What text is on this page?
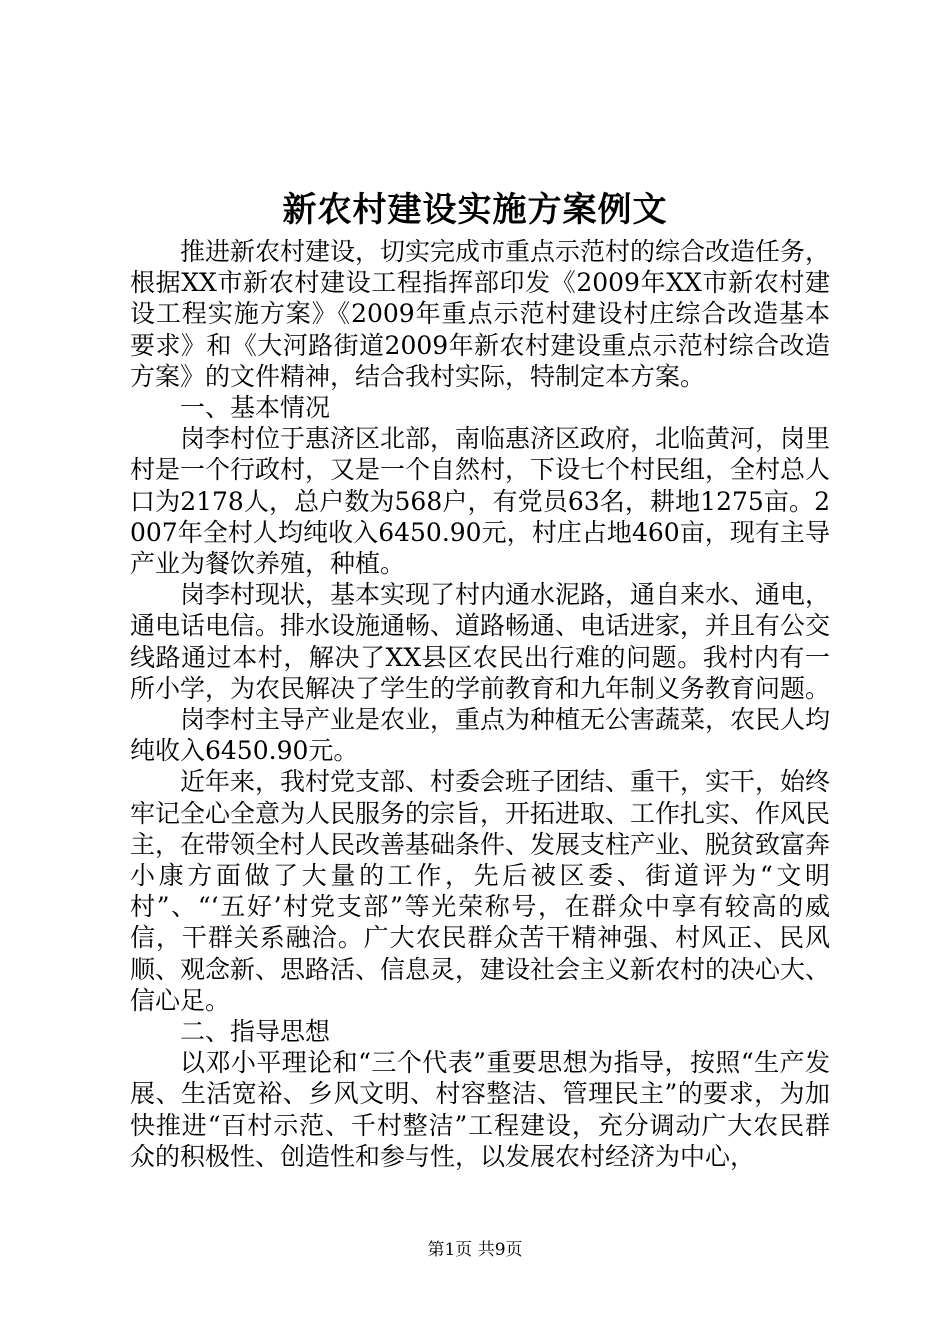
新农村建设实施方案例文

推进新农村建设，切实完成市重点示范村的综合改造任务，根据XX市新农村建设工程指挥部印发《2009年XX市新农村建设工程实施方案》《2009年重点示范村建设村庄综合改造基本要求》和《大河路街道2009年新农村建设重点示范村综合改造方案》的文件精神，结合我村实际，特制定本方案。

一、基本情况

岗李村位于惠济区北部，南临惠济区政府，北临黄河，岗里村是一个行政村，又是一个自然村，下设七个村民组，全村总人口为2178人，总户数为568户，有党员63名，耕地1275亩。2007年全村人均纯收入6450.90元，村庄占地460亩，现有主导产业为餐饮养殖，种植。

岗李村现状，基本实现了村内通水泥路，通自来水、通电，通电话电信。排水设施通畅、道路畅通、电话进家，并且有公交线路通过本村，解决了XX县区农民出行难的问题。我村内有一所小学，为农民解决了学生的学前教育和九年制义务教育问题。

岗李村主导产业是农业，重点为种植无公害蔬菜，农民人均纯收入6450.90元。

近年来，我村党支部、村委会班子团结、重干，实干，始终牢记全心全意为人民服务的宗旨，开拓进取、工作扎实、作风民主，在带领全村人民改善基础条件、发展支柱产业、脱贫致富奔小康方面做了大量的工作，先后被区委、街道评为“文明村”、“‘五好’村党支部”等光荣称号，在群众中享有较高的威信，干群关系融洽。广大农民群众苦干精神强、村风正、民风顺、观念新、思路活、信息灵，建设社会主义新农村的决心大、信心足。

二、指导思想

以邓小平理论和“三个代表”重要思想为指导，按照“生产发展、生活宽裕、乡风文明、村容整洁、管理民主”的要求，为加快推进“百村示范、千村整洁”工程建设，充分调动广大农民群众的积极性、创造性和参与性，以发展农村经济为中心，

第1页 共9页
